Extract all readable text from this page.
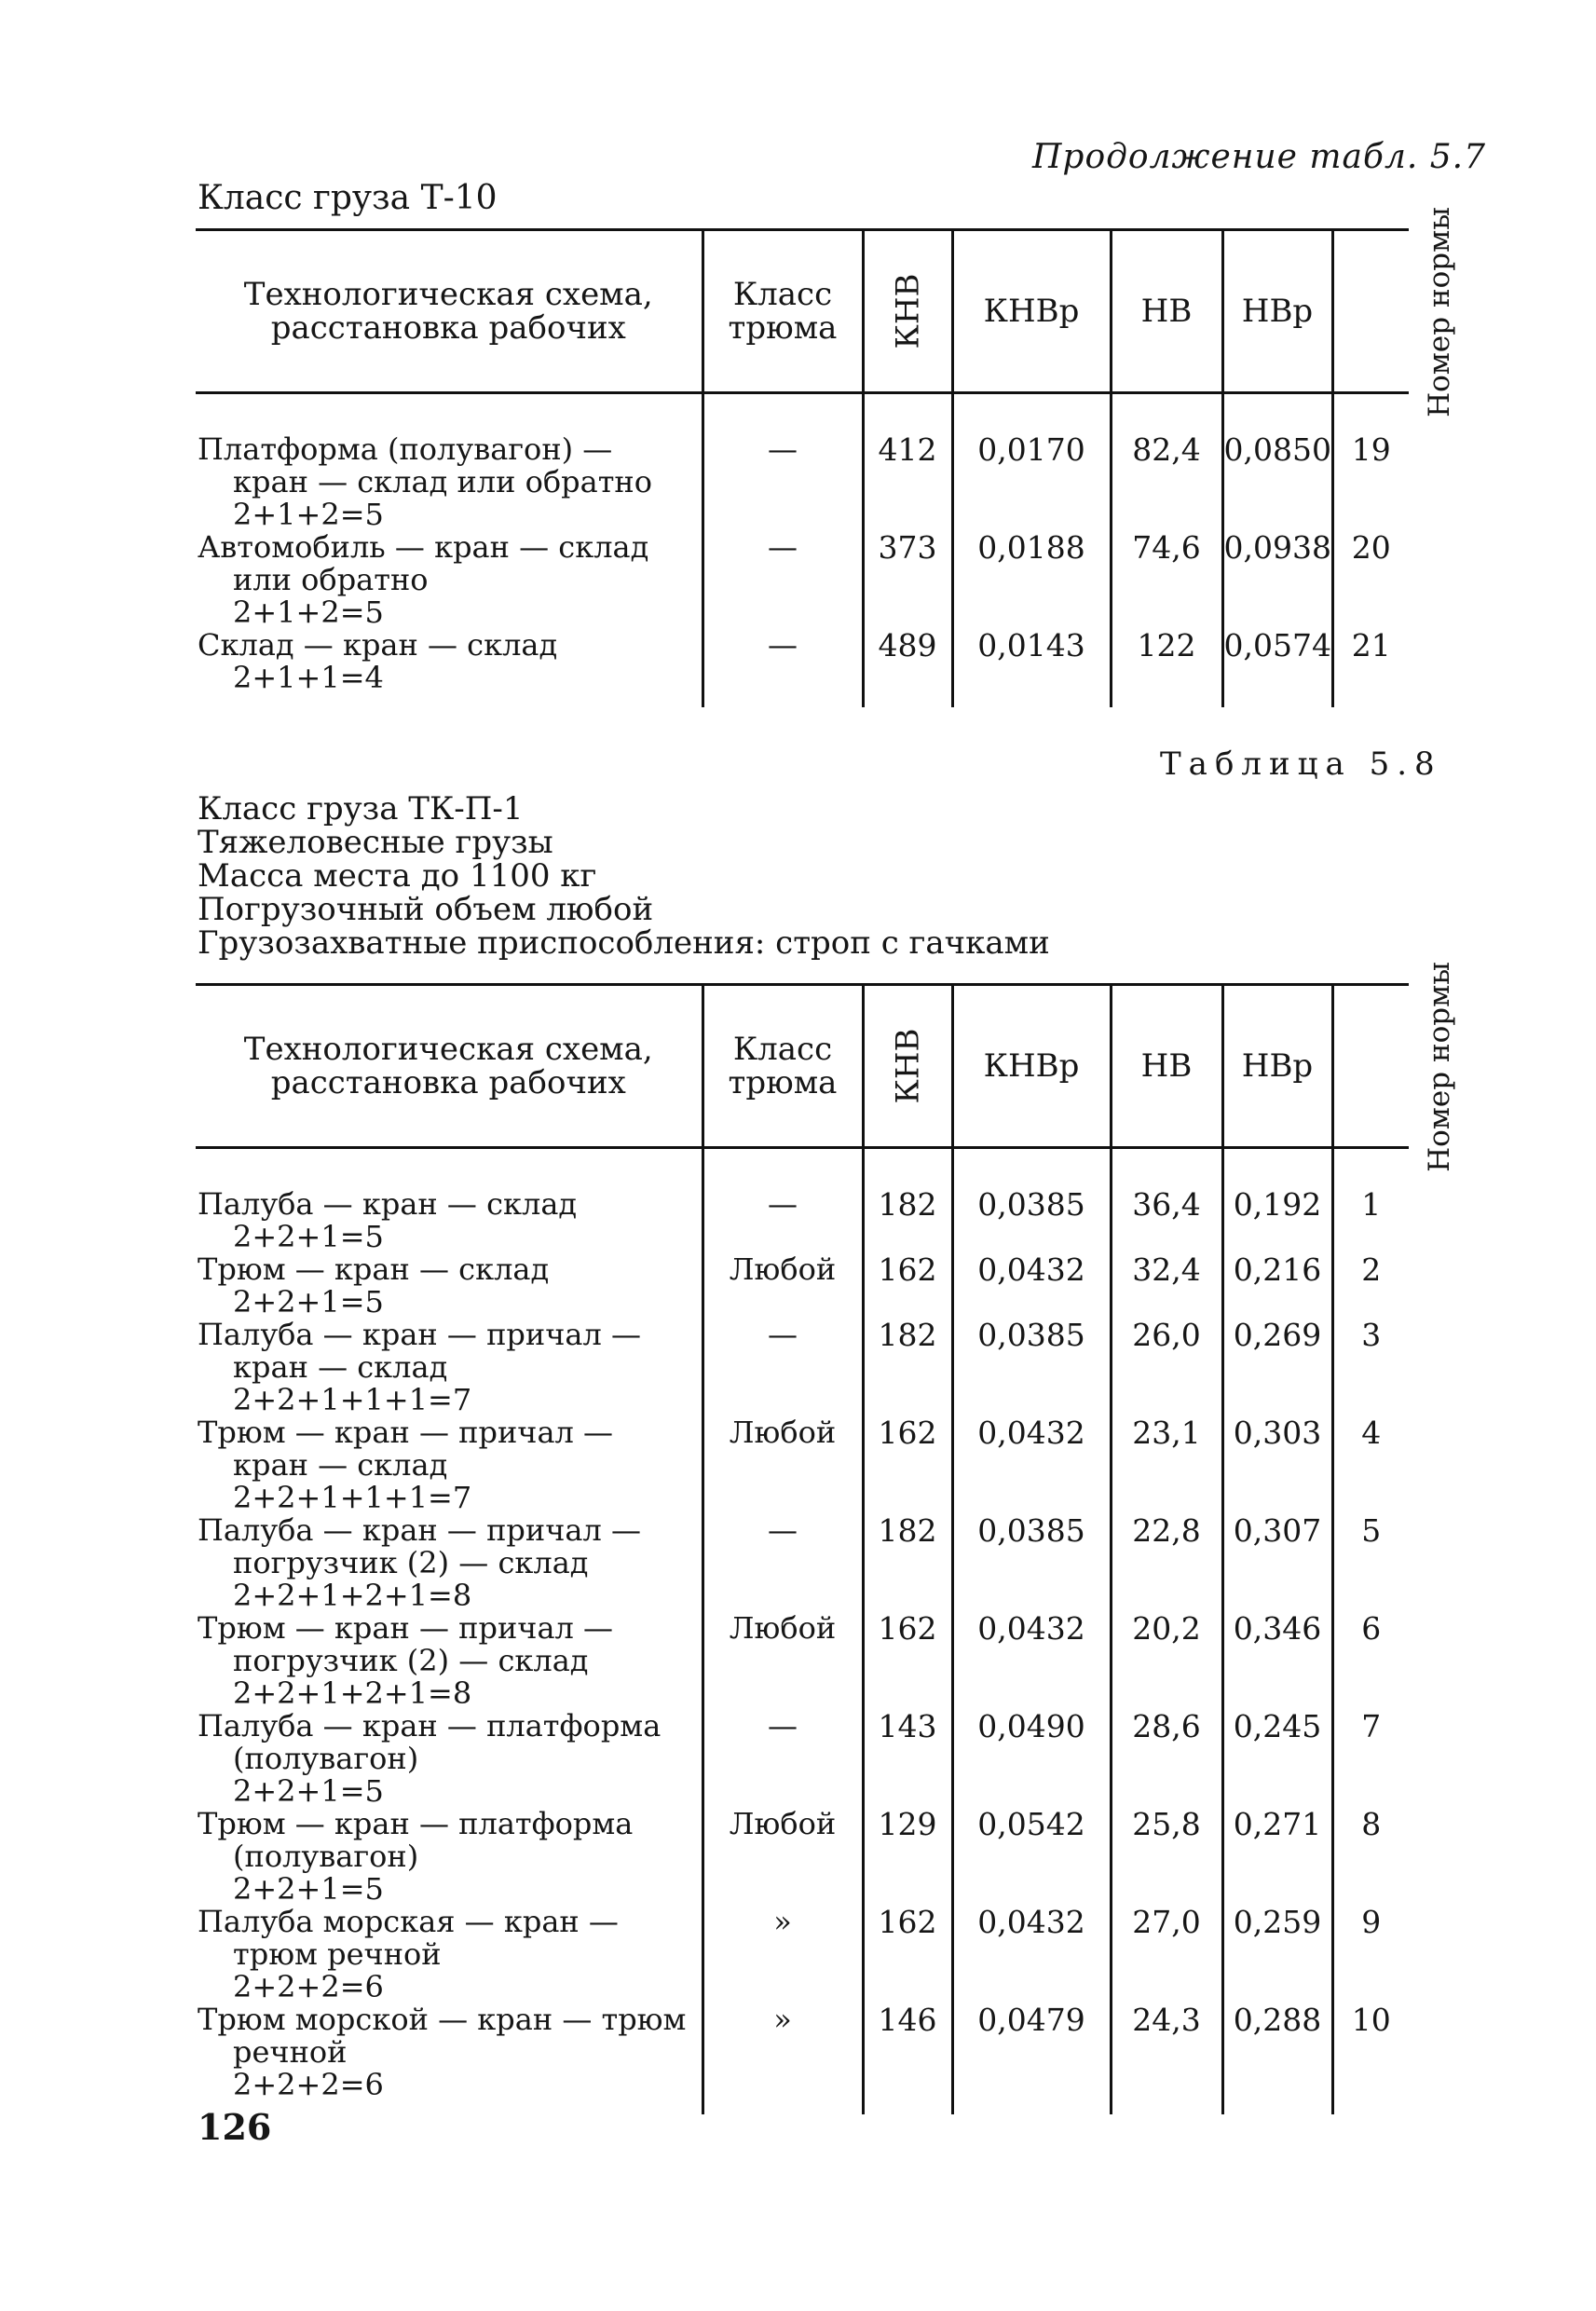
Продолжение табл. 5.7
Класс груза Т-10
Технологическая схема, расстановка рабочих	Класс трюма	КНВ	КНВр	НВ	НВр	Номер нормы

Платформа (полувагон) —
кран — склад или обратно
2+1+2=5	—	412	0,0170	82,4	0,0850	19

Автомобиль — кран — склад
или обратно
2+1+2=5	—	373	0,0188	74,6	0,0938	20

Склад — кран — склад
2+1+1=4	—	489	0,0143	122	0,0574	21
Таблица 5.8
Класс груза ТК-П-1
Тяжеловесные грузы
Масса места до 1100 кг
Погрузочный объем любой
Грузозахватные приспособления: строп с гачками
Технологическая схема, расстановка рабочих	Класс трюма	КНВ	КНВр	НВ	НВр	Номер нормы

Палуба — кран — склад
2+2+1=5	—	182	0,0385	36,4	0,192	1

Трюм — кран — склад
2+2+1=5	Любой	162	0,0432	32,4	0,216	2

Палуба — кран — причал —
кран — склад
2+2+1+1+1=7	—	182	0,0385	26,0	0,269	3

Трюм — кран — причал —
кран — склад
2+2+1+1+1=7	Любой	162	0,0432	23,1	0,303	4

Палуба — кран — причал —
погрузчик (2) — склад
2+2+1+2+1=8	—	182	0,0385	22,8	0,307	5

Трюм — кран — причал —
погрузчик (2) — склад
2+2+1+2+1=8	Любой	162	0,0432	20,2	0,346	6

Палуба — кран — платформа
(полувагон)
2+2+1=5	—	143	0,0490	28,6	0,245	7

Трюм — кран — платформа
(полувагон)
2+2+1=5	Любой	129	0,0542	25,8	0,271	8

Палуба морская — кран —
трюм речной
2+2+2=6	»	162	0,0432	27,0	0,259	9

Трюм морской — кран — трюм
речной
2+2+2=6	»	146	0,0479	24,3	0,288	10
126
